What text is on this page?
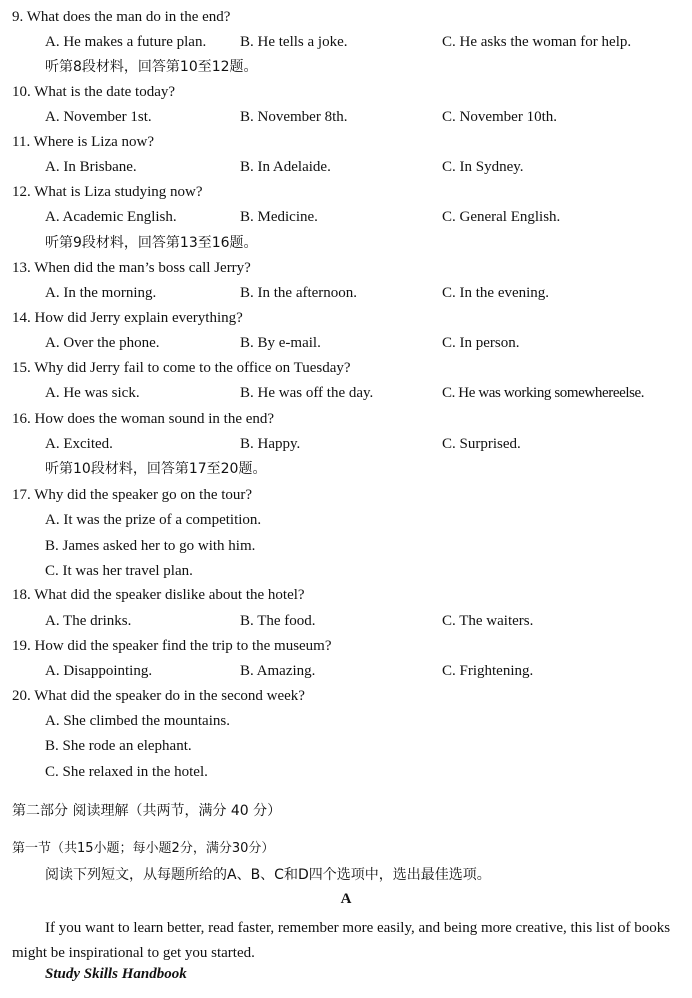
9. What does the man do in the end?
A. He makes a future plan. B. He tells a joke.	C. He asks the woman for help.
听第8段材料，回答第10至12题。
10. What is the date today?
A. November 1st.	B. November 8th.	C. November 10th.
11. Where is Liza now?
A. In Brisbane.	B. In Adelaide.	C. In Sydney.
12. What is Liza studying now?
A. Academic English.	B. Medicine.	C. General English.
听第9段材料，回答第13至16题。
13. When did the man’s boss call Jerry?
A. In the morning.	B. In the afternoon.	C. In the evening.
14. How did Jerry explain everything?
A. Over the phone.	B. By e-mail.	C. In person.
15. Why did Jerry fail to come to the office on Tuesday?
A. He was sick.	B. He was off the day.	C. He was working somewhereelse.
16. How does the woman sound in the end?
A. Excited.	B. Happy.	C. Surprised.
听第10段材料，回答第17至20题。
17. Why did the speaker go on the tour?
A. It was the prize of a competition.
B. James asked her to go with him.
C. It was her travel plan.
18. What did the speaker dislike about the hotel?
A. The drinks.	B. The food.	C. The waiters.
19. How did the speaker find the trip to the museum?
A. Disappointing.	B. Amazing.	C. Frightening.
20. What did the speaker do in the second week?
A. She climbed the mountains.
B. She rode an elephant.
C. She relaxed in the hotel.
第二部分 阅读理解（共两节，满分 40 分）
第一节（共15小题；每小题2分，满分30分）
阅读下列短文，从每题所给的A、B、C和D四个选项中，选出最佳选项。
A
If you want to learn better, read faster, remember more easily, and being more creative, this list of books might be inspirational to get you started.
Study Skills Handbook
